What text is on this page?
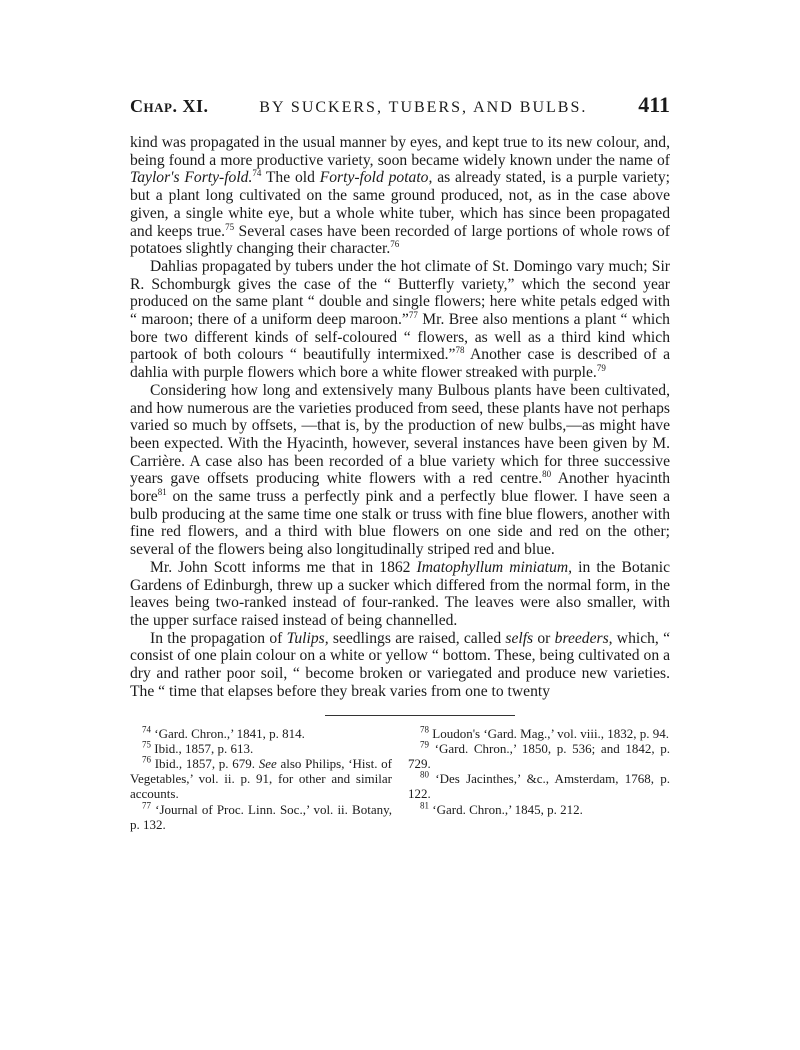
Chap. XI.	BY SUCKERS, TUBERS, AND BULBS. 411

kind was propagated in the usual manner by eyes, and kept true to its new colour, and, being found a more productive variety, soon became widely known under the name of Taylor's Forty-fold.$^{74}$ The old Forty-fold potato, as already stated, is a purple variety; but a plant long cultivated on the same ground produced, not, as in the case above given, a single white eye, but a whole white tuber, which has since been propagated and keeps true.$^{75}$ Several cases have been recorded of large portions of whole rows of potatoes slightly changing their character.$^{76}$

Dahlias propagated by tubers under the hot climate of St. Domingo vary much; Sir R. Schomburgk gives the case of the “ Butterfly variety,” which the second year produced on the same plant “ double and single flowers; here white petals edged with “ maroon; there of a uniform deep maroon.”$^{77}$ Mr. Bree also mentions a plant “ which bore two different kinds of self-coloured “ flowers, as well as a third kind which partook of both colours “ beautifully intermixed.”$^{78}$ Another case is described of a dahlia with purple flowers which bore a white flower streaked with purple.$^{79}$

Considering how long and extensively many Bulbous plants have been cultivated, and how numerous are the varieties produced from seed, these plants have not perhaps varied so much by offsets, —that is, by the production of new bulbs,—as might have been expected. With the Hyacinth, however, several instances have been given by M. Carrière. A case also has been recorded of a blue variety which for three successive years gave offsets producing white flowers with a red centre.$^{80}$ Another hyacinth bore$^{81}$ on the same truss a perfectly pink and a perfectly blue flower. I have seen a bulb producing at the same time one stalk or truss with fine blue flowers, another with fine red flowers, and a third with blue flowers on one side and red on the other; several of the flowers being also longitudinally striped red and blue.

Mr. John Scott informs me that in 1862 Imatophyllum miniatum, in the Botanic Gardens of Edinburgh, threw up a sucker which differed from the normal form, in the leaves being two-ranked instead of four-ranked. The leaves were also smaller, with the upper surface raised instead of being channelled.

In the propagation of Tulips, seedlings are raised, called selfs or breeders, which, “ consist of one plain colour on a white or yellow “ bottom. These, being cultivated on a dry and rather poor soil, “ become broken or variegated and produce new varieties. The “ time that elapses before they break varies from one to twenty

$^{74}$ ‘Gard. Chron.,’ 1841, p. 814.

$^{75}$ Ibid., 1857, p. 613.

$^{76}$ Ibid., 1857, p. 679. See also Philips, ‘Hist. of Vegetables,’ vol. ii. p. 91, for other and similar accounts.

$^{77}$ ‘Journal of Proc. Linn. Soc.,’ vol. ii. Botany, p. 132.

$^{78}$ Loudon's ‘Gard. Mag.,’ vol. viii., 1832, p. 94.

$^{79}$ ‘Gard. Chron.,’ 1850, p. 536; and 1842, p. 729.

$^{80}$ ‘Des Jacinthes,’ &c., Amsterdam, 1768, p. 122.

$^{81}$ ‘Gard. Chron.,’ 1845, p. 212.
